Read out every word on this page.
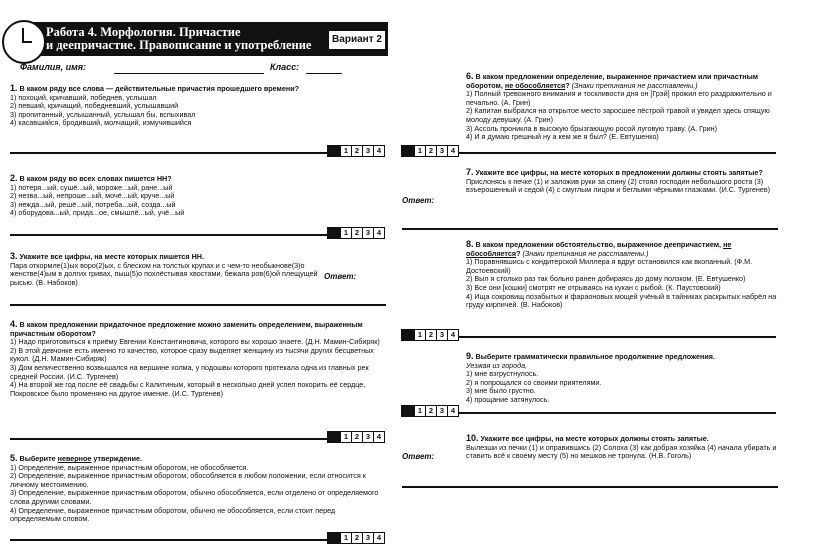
Работа 4. Морфология. Причастие
и деепричастие. Правописание и употребление	Вариант 2
Фамилия, имя:	Класс:
1. В каком ряду все слова — действительные причастия прошедшего времени?
1) похоций, кричавший, победнев, услышал
2) певший, кричащий, победневший, услышавший
3) пропитанный, услышанный, услышал бы, вспыхивал
4) касавшийся, бродивший, молчащий, измучившийся
1 2 3 4
2. В каком ряду во всех словах пишется НН?
1) потеря...ый, сушё...ый, мороже...ый, ране...ый
2) незва...ый, непроше...ый, мочё...ый, круче...ый
3) нежда...ый, решё...ый, потреба...ый, созда...ый
4) оборудова...ый, прида...ое, смышлё...ый, учё...ый
1 2 3 4
3. Укажите все цифры, на месте которых пишется НН.
Пара откормле(1)ых воро(2)ых, с блеском на толстых крупах и с чем-то необыкнове(3)о женстве(4)ым в долгих гривах, пыш(5)о похлёстывая хвостами, бежала ров(6)ой плещущей рысью. (В. Набоков)
Ответ:
4. В каком предложении придаточное предложение можно заменить определением, выраженным причастным оборотом?
1) Надо приготовиться к приёму Евгении Константиновича, которого вы хорошо знаете. (Д.Н. Мамин-Сибиряк)
2) В этой девчонке есть именно то качество, которое сразу выделяет женщину из тысячи других бесцветных кукол. (Д.Н. Мамин-Сибиряк)
3) Дом величественно возвышался на вершине холма, у подошвы которого протекала одна из главных рек средней России. (И.С. Тургенев)
4) На второй же год после её свадьбы с Калитиным, который в несколько дней успел покорить её сердце, Покровское было променяно на другое имение. (И.С. Тургенев)
1 2 3 4
5. Выберите неверное утверждение.
1) Определение, выраженное причастным оборотом, не обособляется.
2) Определение, выраженное причастным оборотом, обособляется в любом положении, если относится к личному местоимению.
3) Определение, выраженное причастным оборотом, обычно обособляется, если отделено от определяемого слова другими словами.
4) Определение, выраженное причастным оборотом, обычно не обособляется, если стоит перед определяемым словом.
1 2 3 4
6. В каком предложении определение, выраженное причастием или причастным оборотом, не обособляется? (Знаки препинания не расставлены.)
1) Полный тревожного внимания и тоскливости дня он [Грэй] прожил его раздражительно и печально. (А. Грин)
2) Капитан выбрался на открытое место заросшее пёстрой травой и увидел здесь спящую молоду девушку. (А. Грин)
3) Ассоль проникла в высокую брызгающую росой луговую траву. (А. Грин)
4) И я думаю грешный ну а кем же я был? (Е. Евтушенко)
1 2 3 4
7. Укажите все цифры, на месте которых в предложении должны стоять запятые?
Прислонясь к печке (1) и заложив руки за спину (2) стоял господин небольшого роста (3) взъерошенный и седой (4) с смуглым лицом и беглыми чёрными глазками. (И.С. Тургенев)
Ответ:
8. В каком предложении обстоятельство, выраженное деепричастием, не обособляется? (Знаки препинания не расставлены.)
1) Поравнявшись с кондитерской Миллера я вдруг остановился как вкопанный. (Ф.М. Достоевский)
2) Выл я столько раз так больно ранен добираясь до дому ползком. (Е. Евтушенко)
3) Все они [кошки] смотрят не отрываясь на кукан с рыбой. (К. Паустовский)
4) Ища сокровищ позабытых и фараоновых мощей учёный в тайниках раскрытых набрёл на груду кирпичей. (В. Набоков)
1 2 3 4
9. Выберите грамматически правильное продолжение предложения.
Уезжая из города,
1) мне взгрустнулось.
2) я попрощался со своими приятелями.
3) мне было грустно.
4) прощание затянулось.
1 2 3 4
10. Укажите все цифры, на месте которых должны стоять запятые.
Вылезши из печки (1) и оправившись (2) Солоха (3) как добрая хозяйка (4) начала убирать и ставить всё к своему месту (5) но мешков не тронула. (Н.В. Гоголь)
Ответ:
